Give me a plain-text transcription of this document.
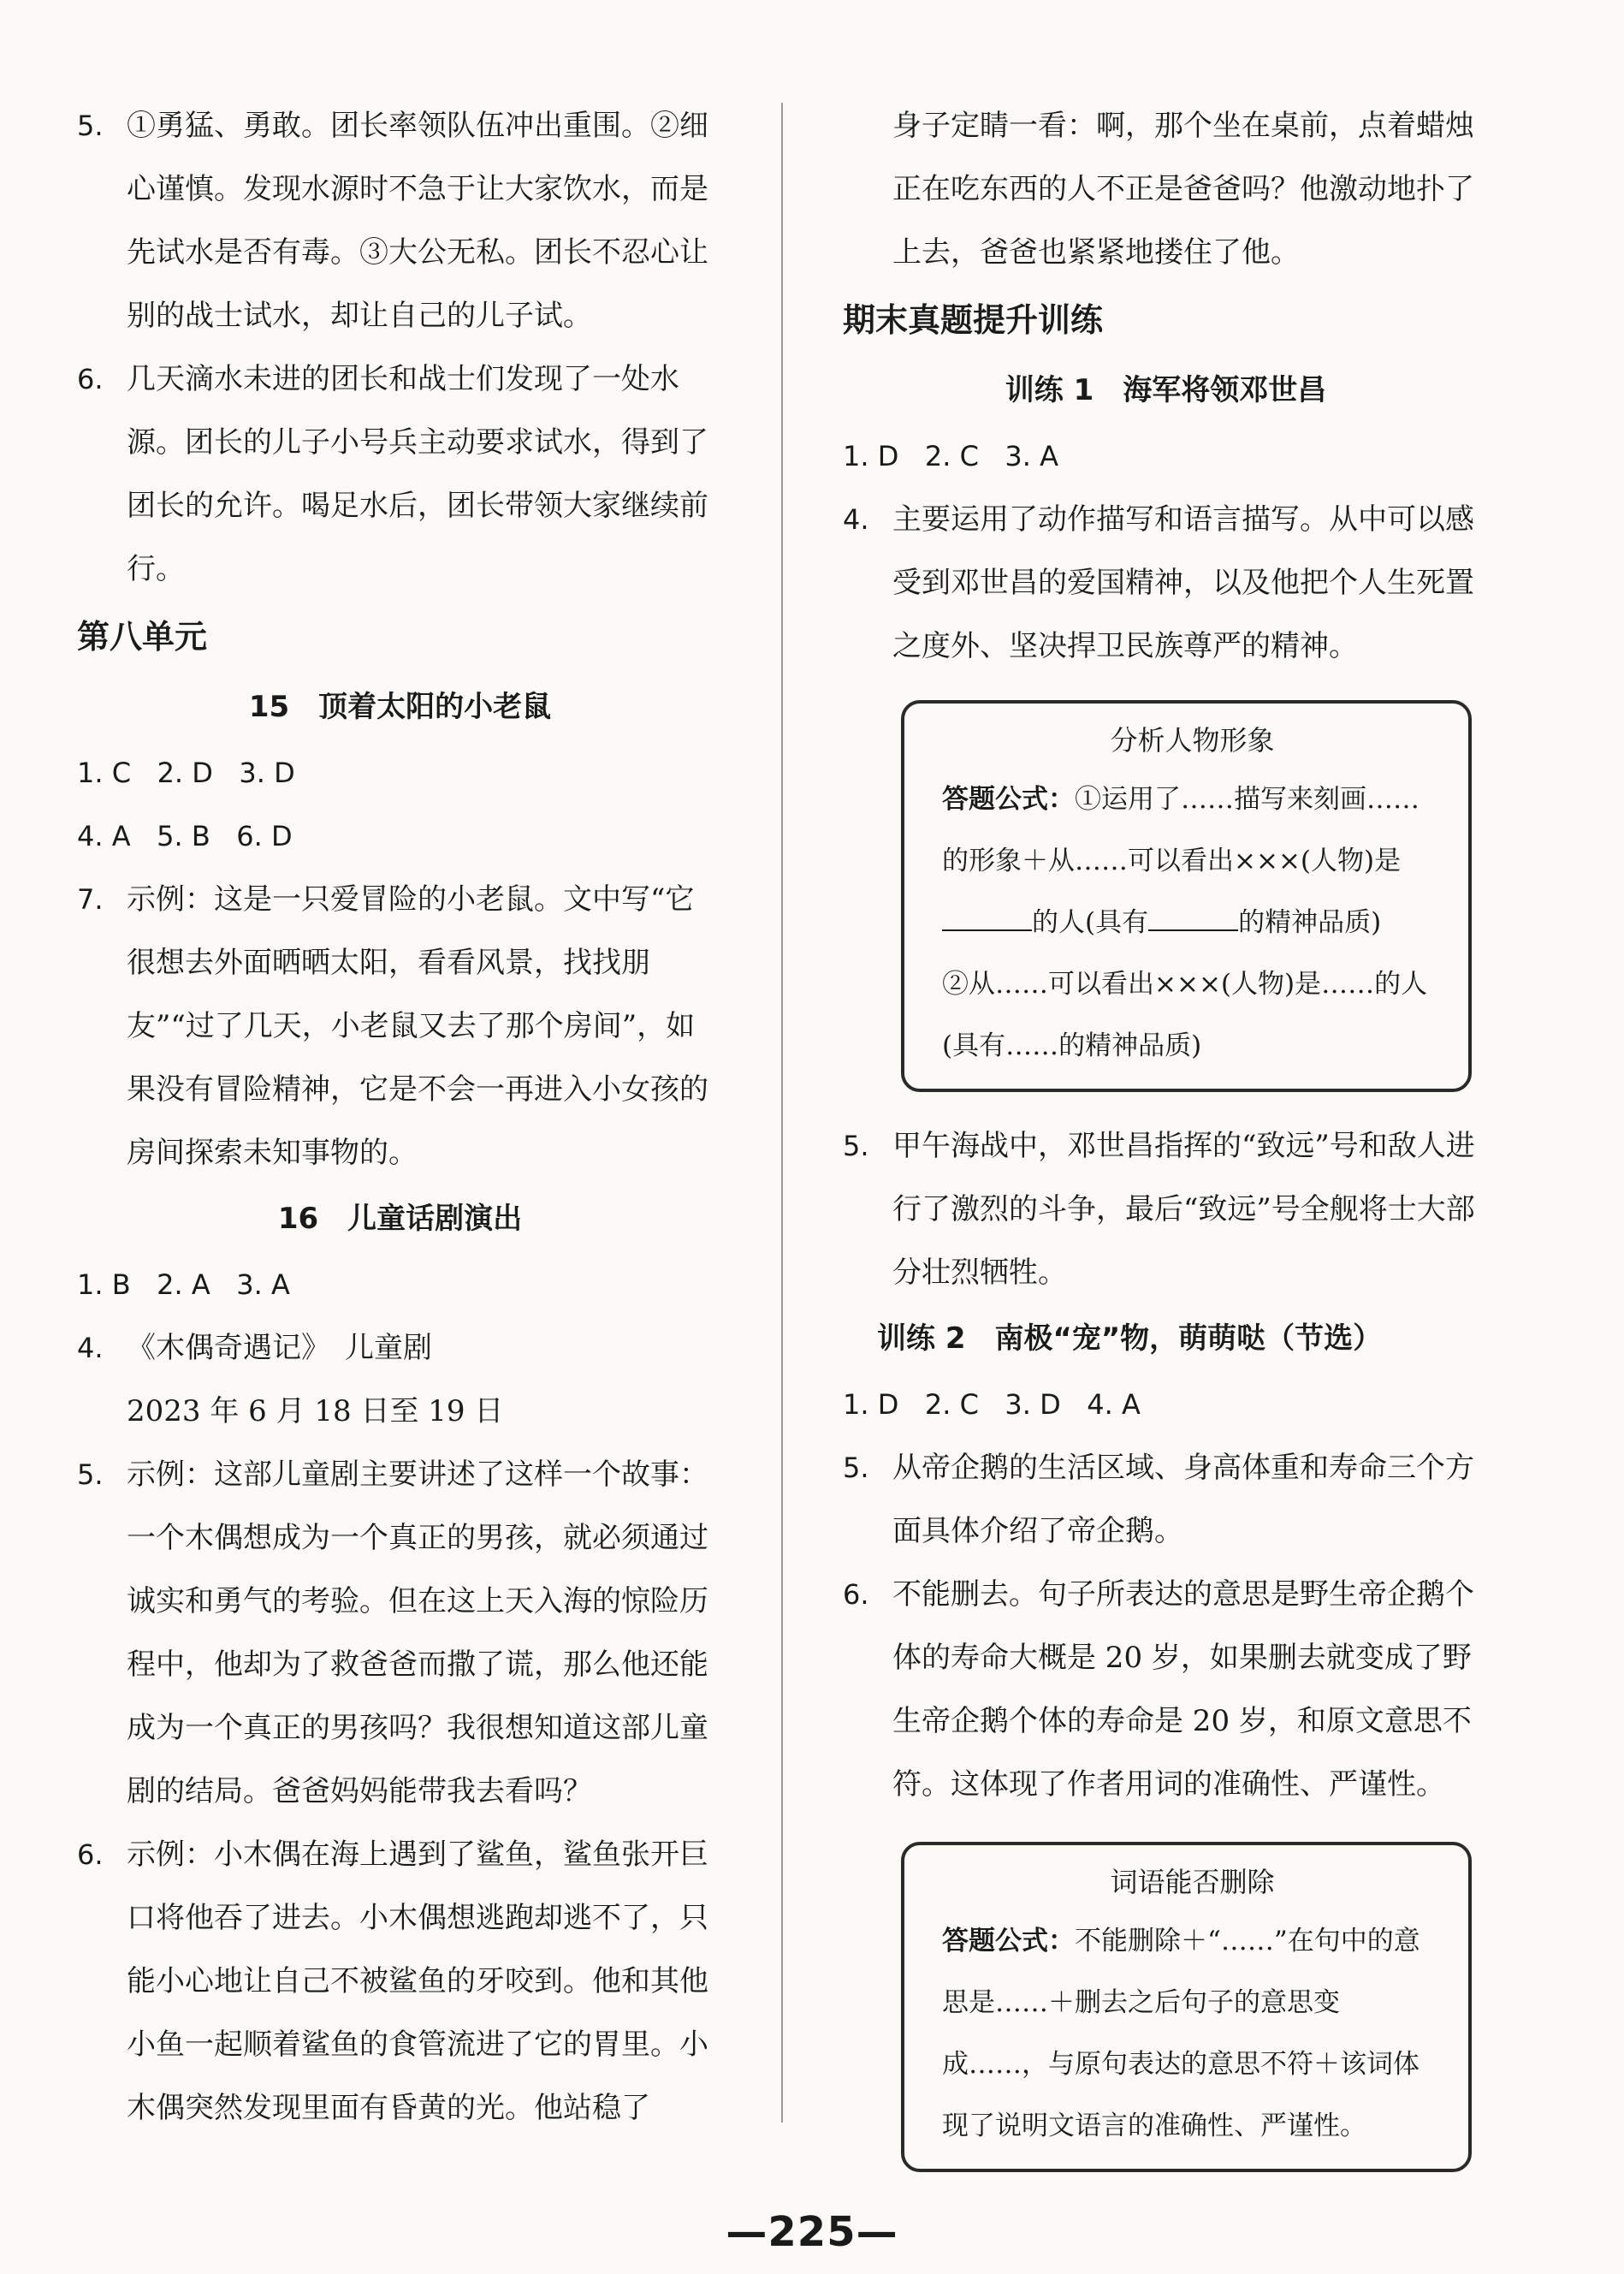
5. ①勇猛、勇敢。团长率领队伍冲出重围。②细心谨慎。发现水源时不急于让大家饮水，而是先试水是否有毒。③大公无私。团长不忍心让别的战士试水，却让自己的儿子试。
6. 几天滴水未进的团长和战士们发现了一处水源。团长的儿子小号兵主动要求试水，得到了团长的允许。喝足水后，团长带领大家继续前行。
第八单元
15　顶着太阳的小老鼠
1. C 2. D 3. D
4. A 5. B 6. D
7. 示例：这是一只爱冒险的小老鼠。文中写“它很想去外面晒晒太阳，看看风景，找找朋友”“过了几天，小老鼠又去了那个房间”，如果没有冒险精神，它是不会一再进入小女孩的房间探索未知事物的。
16　儿童话剧演出
1. B 2. A 3. A
4. 《木偶奇遇记》　儿童剧
2023 年 6 月 18 日至 19 日
5. 示例：这部儿童剧主要讲述了这样一个故事：一个木偶想成为一个真正的男孩，就必须通过诚实和勇气的考验。但在这上天入海的惊险历程中，他却为了救爸爸而撒了谎，那么他还能成为一个真正的男孩吗？我很想知道这部儿童剧的结局。爸爸妈妈能带我去看吗？
6. 示例：小木偶在海上遇到了鲨鱼，鲨鱼张开巨口将他吞了进去。小木偶想逃跑却逃不了，只能小心地让自己不被鲨鱼的牙咬到。他和其他小鱼一起顺着鲨鱼的食管流进了它的胃里。小木偶突然发现里面有昏黄的光。他站稳了
身子定睛一看：啊，那个坐在桌前，点着蜡烛正在吃东西的人不正是爸爸吗？他激动地扑了上去，爸爸也紧紧地搂住了他。
期末真题提升训练
训练 1　海军将领邓世昌
1. D 2. C 3. A
4. 主要运用了动作描写和语言描写。从中可以感受到邓世昌的爱国精神，以及他把个人生死置之度外、坚决捍卫民族尊严的精神。
分析人物形象
答题公式：①运用了……描写来刻画……的形象＋从……可以看出×××(人物)是的人(具有	的精神品质)
②从……可以看出×××(人物)是……的人(具有……的精神品质)
5. 甲午海战中，邓世昌指挥的“致远”号和敌人进行了激烈的斗争，最后“致远”号全舰将士大部分壮烈牺牲。
训练 2　南极“宠”物，萌萌哒（节选）
1. D 2. C 3. D 4. A
5. 从帝企鹅的生活区域、身高体重和寿命三个方面具体介绍了帝企鹅。
6. 不能删去。句子所表达的意思是野生帝企鹅个体的寿命大概是 20 岁，如果删去就变成了野生帝企鹅个体的寿命是 20 岁，和原文意思不符。这体现了作者用词的准确性、严谨性。
词语能否删除
答题公式：不能删除＋“……”在句中的意思是……＋删去之后句子的意思变成……，与原句表达的意思不符＋该词体现了说明文语言的准确性、严谨性。
—225—
